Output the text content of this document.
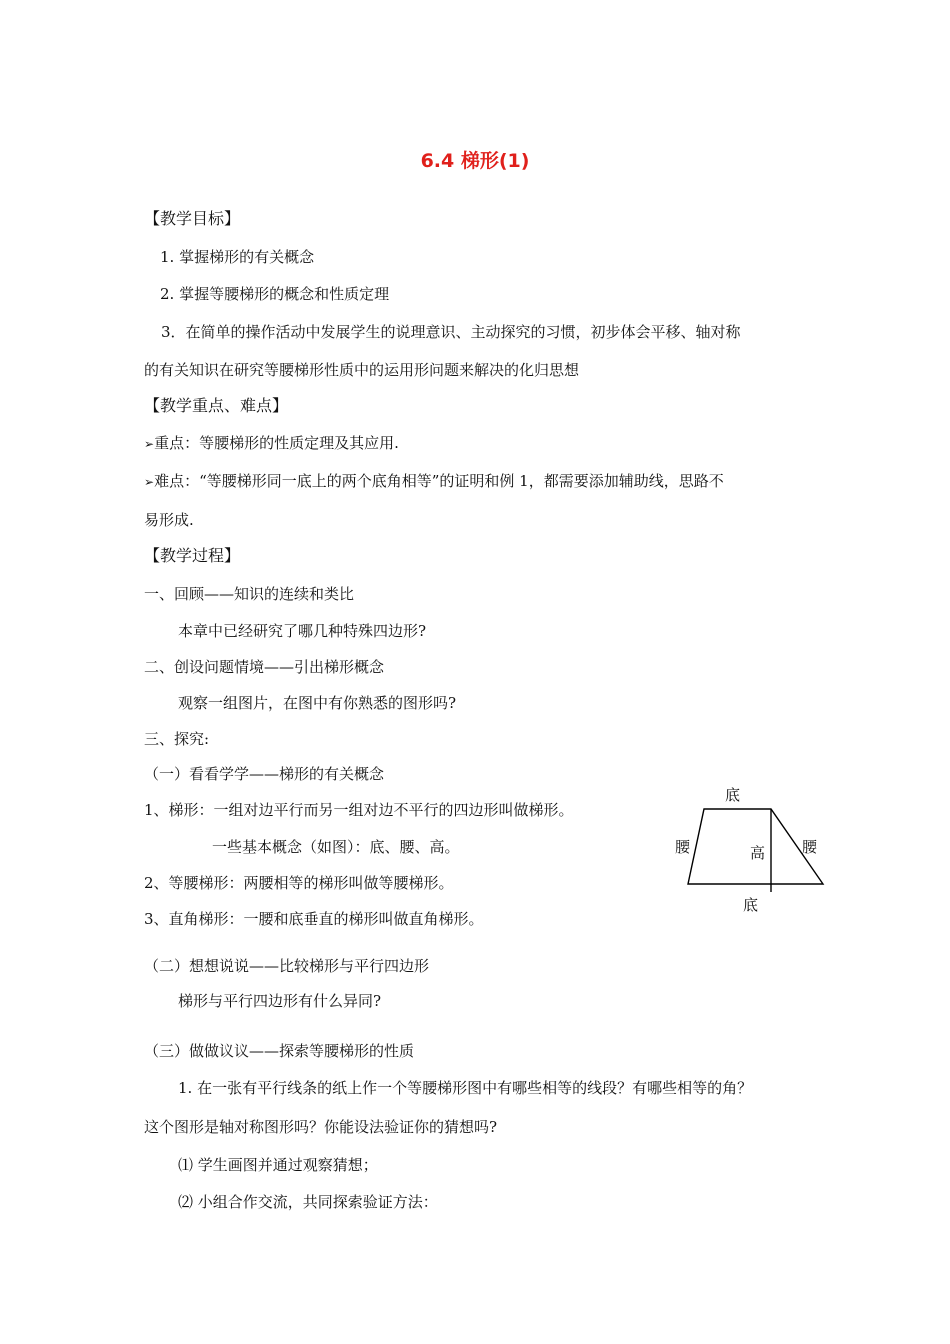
6.4 梯形(1)
【教学目标】
1. 掌握梯形的有关概念
2. 掌握等腰梯形的概念和性质定理
3．在简单的操作活动中发展学生的说理意识、主动探究的习惯，初步体会平移、轴对称
的有关知识在研究等腰梯形性质中的运用形问题来解决的化归思想
【教学重点、难点】
➢重点：等腰梯形的性质定理及其应用.
➢难点：“等腰梯形同一底上的两个底角相等”的证明和例 1，都需要添加辅助线，思路不
易形成.
【教学过程】
一、回顾——知识的连续和类比
本章中已经研究了哪几种特殊四边形?
二、创设问题情境——引出梯形概念
观察一组图片，在图中有你熟悉的图形吗?
三、探究:
（一）看看学学——梯形的有关概念
1、梯形：一组对边平行而另一组对边不平行的四边形叫做梯形。
一些基本概念（如图）：底、腰、高。
2、等腰梯形：两腰相等的梯形叫做等腰梯形。
3、直角梯形：一腰和底垂直的梯形叫做直角梯形。
（二）想想说说——比较梯形与平行四边形
梯形与平行四边形有什么异同?
（三）做做议议——探索等腰梯形的性质
1. 在一张有平行线条的纸上作一个等腰梯形图中有哪些相等的线段？有哪些相等的角？
这个图形是轴对称图形吗？你能设法验证你的猜想吗?
⑴ 学生画图并通过观察猜想；
⑵ 小组合作交流，共同探索验证方法：
底
腰	高 腰
底
